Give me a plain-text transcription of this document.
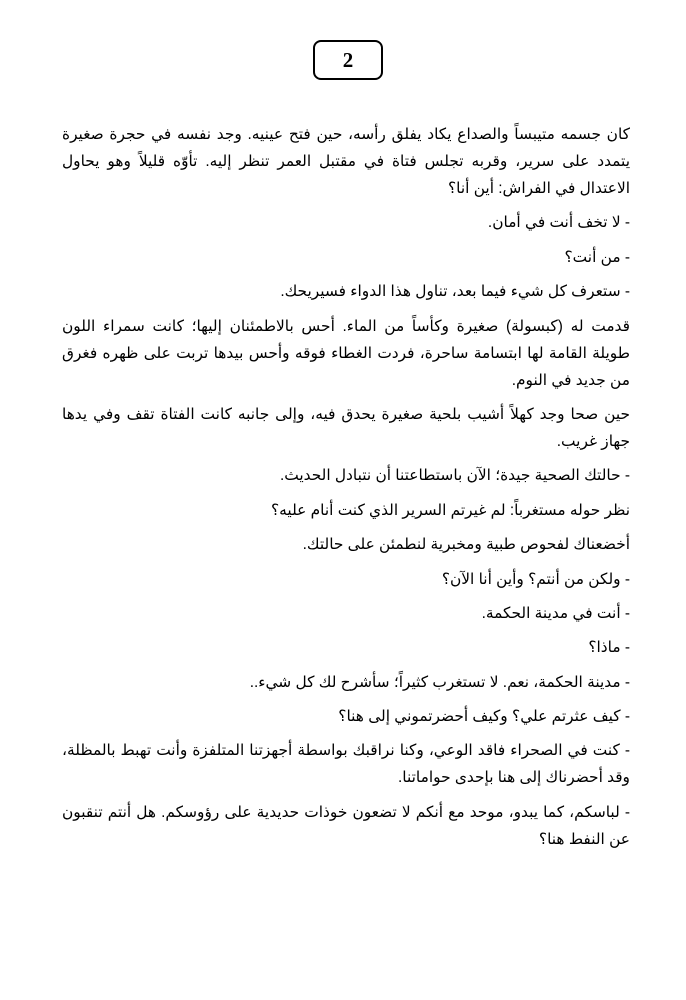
2

كان جسمه متيبساً والصداع يكاد يفلق رأسه، حين فتح عينيه. وجد نفسه في حجرة صغيرة يتمدد على سرير، وقربه تجلس فتاة في مقتبل العمر تنظر إليه. تأوّه قليلاً وهو يحاول الاعتدال في الفراش: أين أنا؟

- لا تخف أنت في أمان.

- من أنت؟

- ستعرف كل شيء فيما بعد، تناول هذا الدواء فسيريحك.

قدمت له (كبسولة) صغيرة وكأساً من الماء. أحس بالاطمئنان إليها؛ كانت سمراء اللون طويلة القامة لها ابتسامة ساحرة، فردت الغطاء فوقه وأحس بيدها تربت على ظهره فغرق من جديد في النوم.

حين صحا وجد كهلاً أشيب بلحية صغيرة يحدق فيه، وإلى جانبه كانت الفتاة تقف وفي يدها جهاز غريب.

- حالتك الصحية جيدة؛ الآن باستطاعتنا أن نتبادل الحديث.

نظر حوله مستغرباً: لم غيرتم السرير الذي كنت أنام عليه؟

أخضعناك لفحوص طبية ومخبرية لنطمئن على حالتك.

- ولكن من أنتم؟ وأين أنا الآن؟

- أنت في مدينة الحكمة.

- ماذا؟

- مدينة الحكمة، نعم. لا تستغرب كثيراً؛ سأشرح لك كل شيء..

- كيف عثرتم علي؟ وكيف أحضرتموني إلى هنا؟

- كنت في الصحراء فاقد الوعي، وكنا نراقبك بواسطة أجهزتنا المتلفزة وأنت تهبط بالمظلة، وقد أحضرناك إلى هنا بإحدى حواماتنا.

- لباسكم، كما يبدو، موحد مع أنكم لا تضعون خوذات حديدية على رؤوسكم. هل أنتم تنقبون عن النفط هنا؟
